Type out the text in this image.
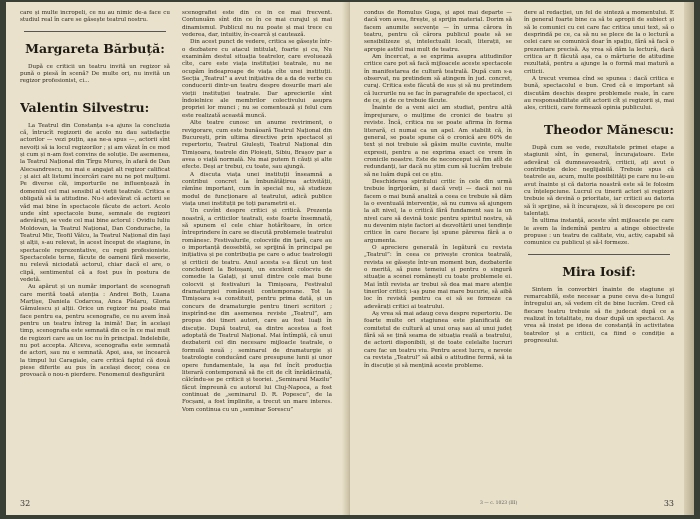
care și multe încropeli, ce nu au nimic de-a face cu studiul real în care se găsește teatrul nostru.

Margareta Bărbuță:

După ce criticii un teatru invită un regizor să pună o piesă în scenă? De multe ori, nu invită un regizor profesionist, ci...

Valentin Silvestru:

La Teatrul din Constanța s-a ajuns la concluzia că, întrucît regizorii de acolo nu dau satisfacție actorilor — vezi puțin, așa ne-a spus —, actorii sînt nevoiți să ia locul regizorilor ; și am văzut în ce mod și cum și n-am fost convins de soluție. De asemenea, la Teatrul Național din Tîrgu Mureș, în afară de Dan Alecsandrescu, nu mai e angajat alt regizor calificat ; și aici alt listumi încercări care nu ne pot mulțumi. Pe diverse căi, importurile ne influențează în domeniul cel mai sensibil al vieții teatrale. Critica e obligată să ia atitudine. Nu-i adevărat că actorii se văd mai bine în spectacole făcute de actori. Acolo unde sînt spectacole bune, semnale de regizori adevărați, se vede cel mai bine actorul : Ovidiu Iuliu Moldovan, la Teatrul Național, Dan Condurache, la Teatrul Mic, Teofil Vâlcu, la Teatrul Național din Iași și alții, s-au relevat, în acest început de stagiune, în spectacole reprezentative, cu regii profesioniste. Spectacolele terne, făcute de oameni fără meserie, nu relevă niciodată actorul, chiar dacă el are, o clipă, sentimentul că a fost pus în postura de vedetă.

Au apărut și un număr important de scenografi care merită toată atenția : Andrei Both, Luana Marțișe, Daniela Codarcea, Anca Pîslaru, Gloria Gămulescu și alții. Orice un regizor nu poate mai face pentru ea, pentru scenografie, ce nu avem însă pentru un teatru întreg la inimă! Dar, în același timp, scenografia este semnată din ce în ce mai mult de regizori care au un loc nu în principal. Indelebile, nu pot accepta. Altceva, scenografia este semnată de actori, sau nu e semnată. Apoi, asa, se încearcă la timpul lui Caragiale, care critică faptul că două piese diferite au pus în același decor, ceea ce provoacă o nou-n pierdere. Fenomenul desfigurării

scenografiei este din ce în ce mai frecvent. Contunuăm sînt din ce în ce mai curajul și mai dinamismul. Publicul nu nu poate și mai trece cu vederea, dar, intuitiv, în-cearcă și cautează.

Din acest punct de vedere, critica se găsește într-o dezbatere cu atacul intitulat, foarte și cu, Nu examinăm destul situația teatrelor, care evoluează cîte, care este viața instituției teatrale, nu ne ocupăm îndeaproape de viața cîte unei instituții. Secția „Teatrul” a avut inițiativa de a da de verbe cu conducerii dintr-un teatru despre dosurile mari ale vieții instituției teatrale. Dar aprecierile sînt îndoielnice ale membrilor colectivului asupra propriei lor munci ; nu se comentează și felul cum este realizată această muncă.

Alte teatre cunosc un anume reviriment, o revigorare, cum este bunăoară Teatrul Național din București, prin ultima directive prin spectacol și repertoriu, Teatrul Giulești, Teatrul Național din Timișoara, teatrele din Ploiești, Sibiu, Brașov par a avea o viață normală. Nu mai putem fi căuți și alte efecte. Deși ar trebui, cu toate, sau ajungă.

A discuta viața unei instituții înseamnă a contribui concret la îmbunătățirea activității, rămîne important, cum în special nu, să studieze modul de funcționare al teatrului, adică publice viața unei instituții pe toți parametrii ei.

Un cuvînt despre critici și critică. Prezența noastră, a criticilor teatrali, este foarte însemnată, să spunem el cele chiar hotărîtoare, în orice întreprindere în care se discută problemele teatrului românesc. Festivalurile, colocviile din țară, care au o importanță deosebită, se sprijină în principal pe inițiativa și pe contribuția pe care o aduc teatrologii și criticii de teatru. Anul acesta s-a făcut un test concludent la Botoșani, un excelent colocviu de comedie la Galați, și unul dintre cele mai bune colocvii și festivaluri la Timișoara, Festivalul dramaturgiei românești contemporane. Tot la Timișoara s-a constituit, pentru prima dată, și un concurs de dramaturgie pentru tineri scriitori ; inspirînd-ne din asemenea reviste „Teatrul”, am propus doi tineri autori, care au fost luați în discuție. După teatrul, ea dintre acestea a fost adoptată de Teatrul Național. Mai întîmplă, că unui dezbaterii cel din necesare mijloacle teatrale, o formulă nouă ; seminarul de dramaturgie și teatrologie conducând care presupune lunii și unor opere fundamentale, la așa fel încît producția literară contemporană să fie cit de cît înrădăcinată, călcîndu-se pe criticii și teoriei. „Seminarul Mazilu” făcut împreună cu autorul lui Cluj-Napoca, a fost continuat de „seminarul D. R. Popescu”, de la Focșani, a fost împlinite, a trecut un mare interes. Vom continua cu un „seminar Sorescu”

32

condus de Romulus Guga, și apoi mai departe — dacă vom avea, firește, și sprijin material. Dorim să facem anumite secvențe — în urma cărora în teatru, pentru că cărora publicul poate să se sensibilizeze și, intelectualii locali, literații, se apropie astfel mai mult de teatru.

Am încercat, a se exprima asupra atitudinilor critice care pot să facă mijloacele aceste spectacole în manifestarea de cultură teatrală. După cum s-a observat, nu pretindem să atingem în jud. concret, curaj. Critica este făcută de sus și să nu pretindem că lucrurile nu se fac în paragrafele de spectacol, ci de ce, și de ce trebuie făcute.

Înainte de a veni aici am studiat, pentru altă împrejurare, o mulțime de cronici de teatru și reviste. Încă, critica nu se poate afirma în forma literară, ci numai ca un apel. Am stabilit că, în general, se poate spune că o cronică are 60% de text și noi trebuie să găsim multe cuvinte, multe expresii, pentru a ne exprima exact ce vrem în cronicile noastre. Este de neconceput să fim atît de redundanți, iar dacă nu știm cum să lucrăm trebuie să ne luăm după cei ce știu.

Deschiderea spiritului critic în cele din urmă trebuie îngrijorăm, și dacă vreți — dacă noi nu facem o mai bună analiză a ceea ce trebuie să dăm la o eventuală intervenție, să nu cumva să ajungem la alt nivel, la o critică fără fundament sau la un nivel care să devină toxic pentru spiritul nostru, să nu devenim niște factori ai dezvoltării unei tendințe critice în care fiecare își spune părerea fără a o argumenta.

O apreciere generală în legătură cu revista „Teatrul”: în ceea ce privește cronica teatrală, revista se găsește într-un moment bun, dezbaterile o merită, să pune temeiul și pentru o singură situație a scenei românești cu toate problemele ei. Mai întîi revista ar trebui să dea mai mare atenție tinerilor critici; i-aș pune mai mare bucurie, să aibă loc în revistă pentru ca ei să se formeze ca adevărați critici ai teatrului.

Aș vrea să mai adaug ceva despre repertoriu. De foarte multe ori stagiunea este planificată de comitetul de cultură al unui oraș sau al unui județ fără să se țină seama de situația reală a teatrului, de actorii disponibili, și de toate celelalte lucruri care fac un teatru viu. Pentru acest lucru, e nevoie ca revista „Teatrul” să aibă o atitudine fermă, să ia în discuție și să mențină aceste probleme.

dere al redacției, un fel de sinteză a momentului. E în general foarte bine ca să te apropii de subiect și să le comunici cu cei care fac critica unui text, să o desprindă pe ce, ca să nu se plece de la o lectură a celei care se comunică doar în spațiu, fără să facă o prezentare precisă. Aș vrea să dăm la lectură, dacă critica ar fi făcută așa, ca o mărturie de atitudine rezultată, pentru a ajunge la o formă mai matură a criticii.

A trecut vremea cînd se spunea : dacă critica e bună, spectacolul e bun. Cred că e important să discutăm deschis despre problemele reale, în care au responsabilitate atît actorii cît și regizorii și, mai ales, criticii, care formează opinia publicului.

Theodor Mănescu:

După cum se vede, rezultatele primei etape a stagiunii sînt, în general, încurajatoare. Este adevărat că dumneavoastră, criticii, ați avut o contribuție deloc neglijabilă. Trebuie spus că teatrele au, acum, multe posibilități pe care nu le-au avut înainte și că datoria noastră este să le folosim cu înțelepciune. Lucrul cu tinerii actori și regizori trebuie să devină o prioritate, iar criticii au datoria să îi sprijine, să îi încurajeze, să îi descopere pe cei talentați.

În ultima instanță, aceste sînt mijloacele pe care le avem la îndemînă pentru a atinge obiectivele propuse : un teatru de calitate, viu, activ, capabil să comunice cu publicul și să-l formeze.

Mira Iosif:

Sintem în convorbiri înainte de stagiune și remarcabilă, este necesar a pune ceva de-a lungul întregului an, să vedem cît de bine lucrăm. Cred că fiecare teatru trebuie să fie judecat după ce a realizat în totalitate, nu doar după un spectacol. Aș vrea să insist pe ideea de constanță în activitatea teatrelor și a criticii, ca fiind o condiție a progresului.

3 — c. 1023 (III)	33
